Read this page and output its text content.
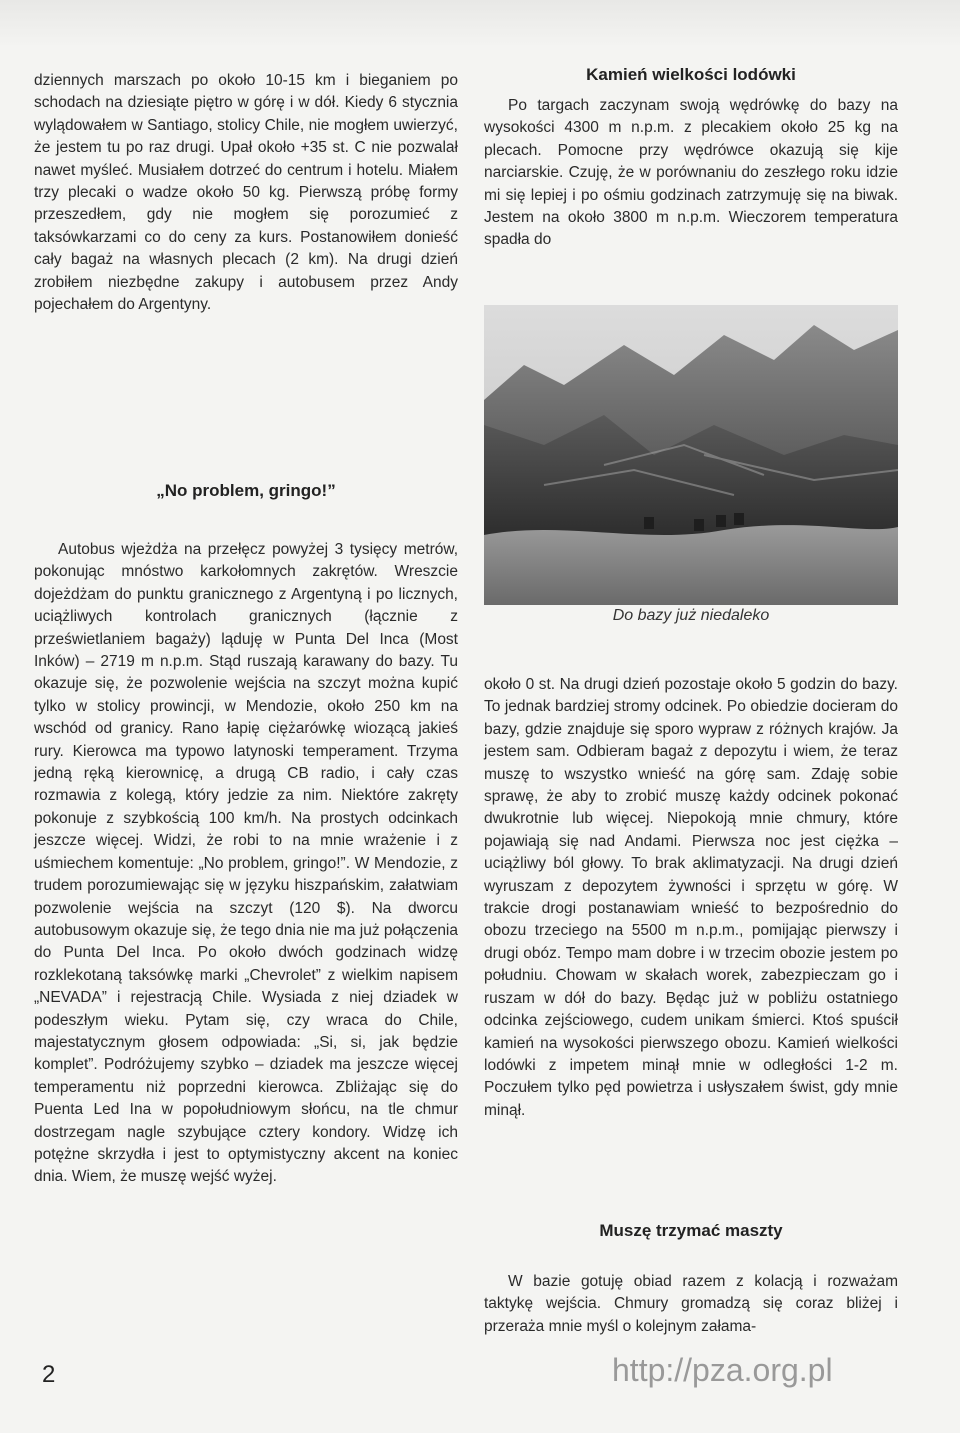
dziennych marszach po około 10-15 km i bieganiem po schodach na dziesiąte piętro w górę i w dół. Kiedy 6 stycznia wylądowałem w Santiago, stolicy Chile, nie mogłem uwierzyć, że jestem tu po raz drugi. Upał około +35 st. C nie pozwalał nawet myśleć. Musiałem dotrzeć do centrum i hotelu. Miałem trzy plecaki o wadze około 50 kg. Pierwszą próbę formy przeszedłem, gdy nie mogłem się porozumieć z taksówkarzami co do ceny za kurs. Postanowiłem donieść cały bagaż na własnych plecach (2 km). Na drugi dzień zrobiłem niezbędne zakupy i autobusem przez Andy pojechałem do Argentyny.

Kamień wielkości lodówki

Po targach zaczynam swoją wędrówkę do bazy na wysokości 4300 m n.p.m. z plecakiem około 25 kg na plecach. Pomocne przy wędrówce okazują się kije narciarskie. Czuję, że w porównaniu do zeszłego roku idzie mi się lepiej i po ośmiu godzinach zatrzymuję się na biwak. Jestem na około 3800 m n.p.m. Wieczorem temperatura spadła do

Do bazy już niedaleko
„No problem, gringo!”

Autobus wjeżdża na przełęcz powyżej 3 tysięcy metrów, pokonując mnóstwo karkołomnych zakrętów. Wreszcie dojeżdżam do punktu granicznego z Argentyną i po licznych, uciążliwych kontrolach granicznych (łącznie z prześwietlaniem bagaży) ląduję w Punta Del Inca (Most Inków) – 2719 m n.p.m. Stąd ruszają karawany do bazy. Tu okazuje się, że pozwolenie wejścia na szczyt można kupić tylko w stolicy prowincji, w Mendozie, około 250 km na wschód od granicy. Rano łapię ciężarówkę wiozącą jakieś rury. Kierowca ma typowo latynoski temperament. Trzyma jedną ręką kierownicę, a drugą CB radio, i cały czas rozmawia z kolegą, który jedzie za nim. Niektóre zakręty pokonuje z szybkością 100 km/h. Na prostych odcinkach jeszcze więcej. Widzi, że robi to na mnie wrażenie i z uśmiechem komentuje: „No problem, gringo!”. W Mendozie, z trudem porozumiewając się w języku hiszpańskim, załatwiam pozwolenie wejścia na szczyt (120 $). Na dworcu autobusowym okazuje się, że tego dnia nie ma już połączenia do Punta Del Inca. Po około dwóch godzinach widzę rozklekotaną taksówkę marki „Chevrolet” z wielkim napisem „NEVADA” i rejestracją Chile. Wysiada z niej dziadek w podeszłym wieku. Pytam się, czy wraca do Chile, majestatycznym głosem odpowiada: „Si, si, jak będzie komplet”. Podróżujemy szybko – dziadek ma jeszcze więcej temperamentu niż poprzedni kierowca. Zbliżając się do Puenta Led Ina w popołudniowym słońcu, na tle chmur dostrzegam nagle szybujące cztery kondory. Widzę ich potężne skrzydła i jest to optymistyczny akcent na koniec dnia. Wiem, że muszę wejść wyżej.

około 0 st. Na drugi dzień pozostaje około 5 godzin do bazy. To jednak bardziej stromy odcinek. Po obiedzie docieram do bazy, gdzie znajduje się sporo wypraw z różnych krajów. Ja jestem sam. Odbieram bagaż z depozytu i wiem, że teraz muszę to wszystko wnieść na górę sam. Zdaję sobie sprawę, że aby to zrobić muszę każdy odcinek pokonać dwukrotnie lub więcej. Niepokoją mnie chmury, które pojawiają się nad Andami. Pierwsza noc jest ciężka – uciążliwy ból głowy. To brak aklimatyzacji. Na drugi dzień wyruszam z depozytem żywności i sprzętu w górę. W trakcie drogi postanawiam wnieść to bezpośrednio do obozu trzeciego na 5500 m n.p.m., pomijając pierwszy i drugi obóz. Tempo mam dobre i w trzecim obozie jestem po południu. Chowam w skałach worek, zabezpieczam go i ruszam w dół do bazy. Będąc już w pobliżu ostatniego odcinka zejściowego, cudem unikam śmierci. Ktoś spuścił kamień na wysokości pierwszego obozu. Kamień wielkości lodówki z impetem minął mnie w odległości 1-2 m. Poczułem tylko pęd powietrza i usłyszałem świst, gdy mnie minął.

Muszę trzymać maszty

W bazie gotuję obiad razem z kolacją i rozważam taktykę wejścia. Chmury gromadzą się coraz bliżej i przeraża mnie myśl o kolejnym załama-

2	http://pza.org.pl
